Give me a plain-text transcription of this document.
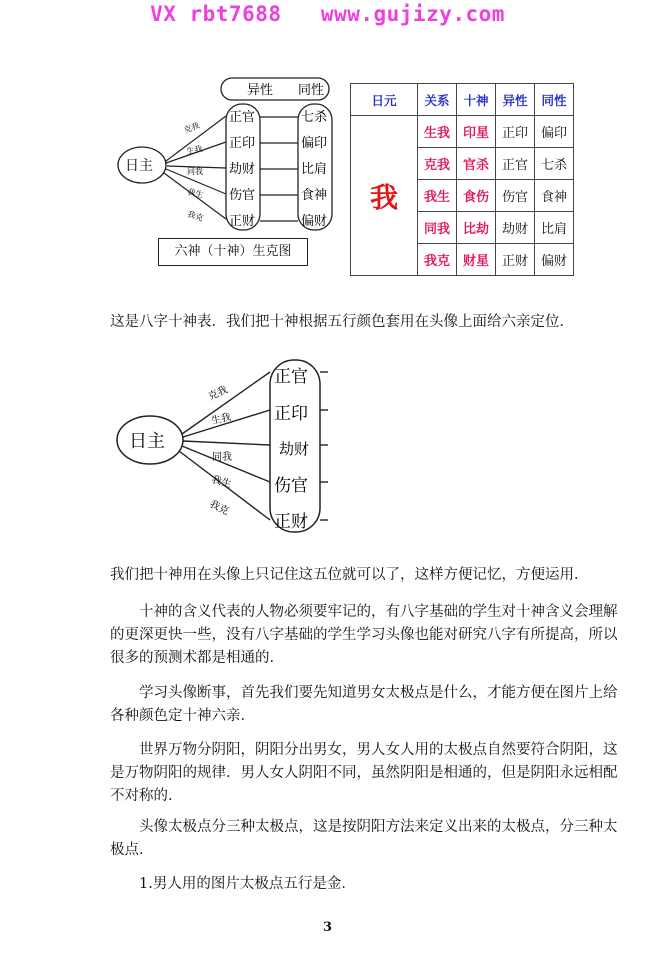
VX rbt7688   www.gujizy.com
异性 同性
日主
克我
生我
同我
我生
我克
正官
正印
劫财
伤官
正财
七杀
偏印
比肩
食神
偏财
六神（十神）生克图
日元	关系	十神	异性	同性
我	生我	印星	正印	偏印
	克我	官杀	正官	七杀
	我生	食伤	伤官	食神
	同我	比劫	劫财	比肩
	我克	财星	正财	偏财

这是八字十神表．我们把十神根据五行颜色套用在头像上面给六亲定位．

日主
克我
生我
同我
我生
我克
正官
正印
劫财
伤官
正财

我们把十神用在头像上只记住这五位就可以了，这样方便记忆，方便运用．

十神的含义代表的人物必须要牢记的，有八字基础的学生对十神含义会理解的更深更快一些，没有八字基础的学生学习头像也能对研究八字有所提高，所以很多的预测术都是相通的．

学习头像断事，首先我们要先知道男女太极点是什么，才能方便在图片上给各种颜色定十神六亲．

世界万物分阴阳，阴阳分出男女，男人女人用的太极点自然要符合阴阳，这是万物阴阳的规律．男人女人阴阳不同，虽然阴阳是相通的，但是阴阳永远相配不对称的．

头像太极点分三种太极点，这是按阴阳方法来定义出来的太极点，分三种太极点．

1.男人用的图片太极点五行是金．

3
